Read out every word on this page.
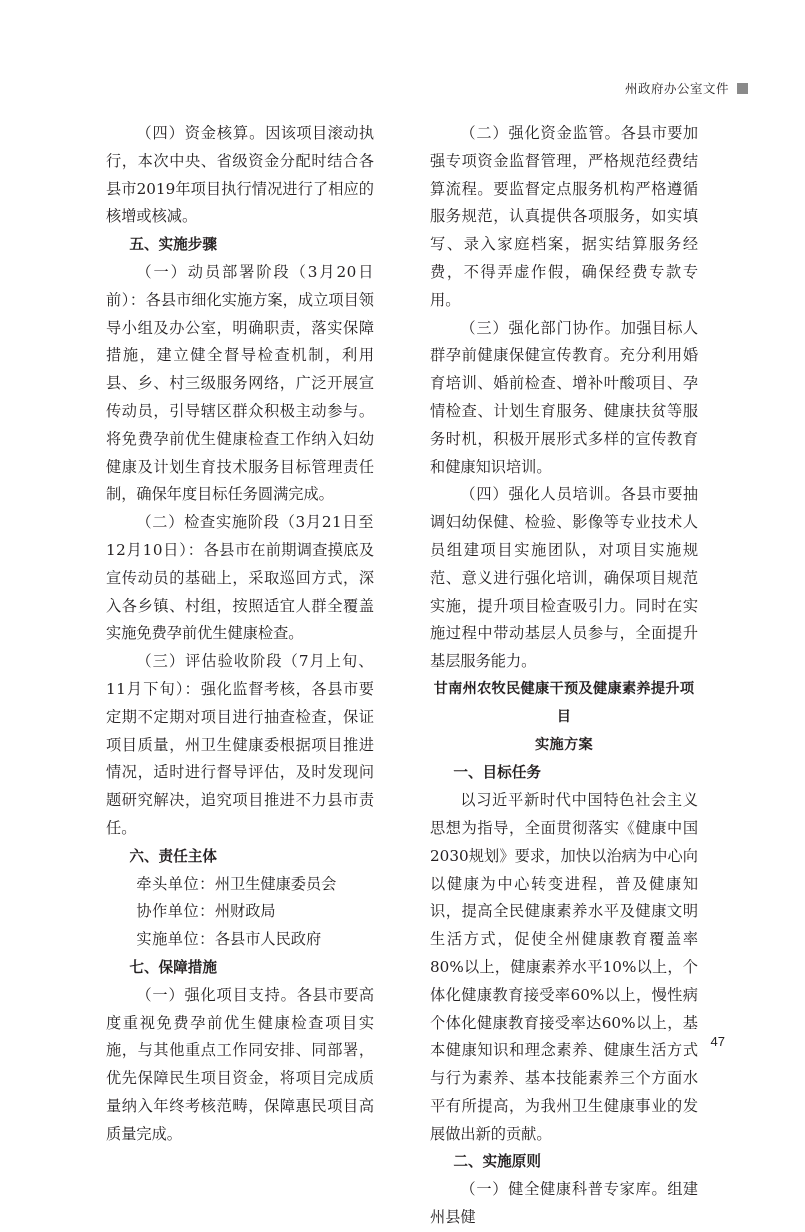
州政府办公室文件

（四）资金核算。因该项目滚动执行，本次中央、省级资金分配时结合各县市2019年项目执行情况进行了相应的核增或核减。

五、实施步骤

（一）动员部署阶段（3月20日前）：各县市细化实施方案，成立项目领导小组及办公室，明确职责，落实保障措施，建立健全督导检查机制，利用县、乡、村三级服务网络，广泛开展宣传动员，引导辖区群众积极主动参与。将免费孕前优生健康检查工作纳入妇幼健康及计划生育技术服务目标管理责任制，确保年度目标任务圆满完成。

（二）检查实施阶段（3月21日至12月10日）：各县市在前期调查摸底及宣传动员的基础上，采取巡回方式，深入各乡镇、村组，按照适宜人群全覆盖实施免费孕前优生健康检查。

（三）评估验收阶段（7月上旬、11月下旬）：强化监督考核，各县市要定期不定期对项目进行抽查检查，保证项目质量，州卫生健康委根据项目推进情况，适时进行督导评估，及时发现问题研究解决，追究项目推进不力县市责任。

六、责任主体

牵头单位：州卫生健康委员会

协作单位：州财政局

实施单位：各县市人民政府

七、保障措施

（一）强化项目支持。各县市要高度重视免费孕前优生健康检查项目实施，与其他重点工作同安排、同部署，优先保障民生项目资金，将项目完成质量纳入年终考核范畴，保障惠民项目高质量完成。

（二）强化资金监管。各县市要加强专项资金监督管理，严格规范经费结算流程。要监督定点服务机构严格遵循服务规范，认真提供各项服务，如实填写、录入家庭档案，据实结算服务经费，不得弄虚作假，确保经费专款专用。

（三）强化部门协作。加强目标人群孕前健康保健宣传教育。充分利用婚育培训、婚前检查、增补叶酸项目、孕情检查、计划生育服务、健康扶贫等服务时机，积极开展形式多样的宣传教育和健康知识培训。

（四）强化人员培训。各县市要抽调妇幼保健、检验、影像等专业技术人员组建项目实施团队，对项目实施规范、意义进行强化培训，确保项目规范实施，提升项目检查吸引力。同时在实施过程中带动基层人员参与，全面提升基层服务能力。

甘南州农牧民健康干预及健康素养提升项目

实施方案

一、目标任务

以习近平新时代中国特色社会主义思想为指导，全面贯彻落实《健康中国2030规划》要求，加快以治病为中心向以健康为中心转变进程，普及健康知识，提高全民健康素养水平及健康文明生活方式，促使全州健康教育覆盖率80%以上，健康素养水平10%以上，个体化健康教育接受率60%以上，慢性病个体化健康教育接受率达60%以上，基本健康知识和理念素养、健康生活方式与行为素养、基本技能素养三个方面水平有所提高，为我州卫生健康事业的发展做出新的贡献。

二、实施原则

（一）健全健康科普专家库。组建州县健

47
